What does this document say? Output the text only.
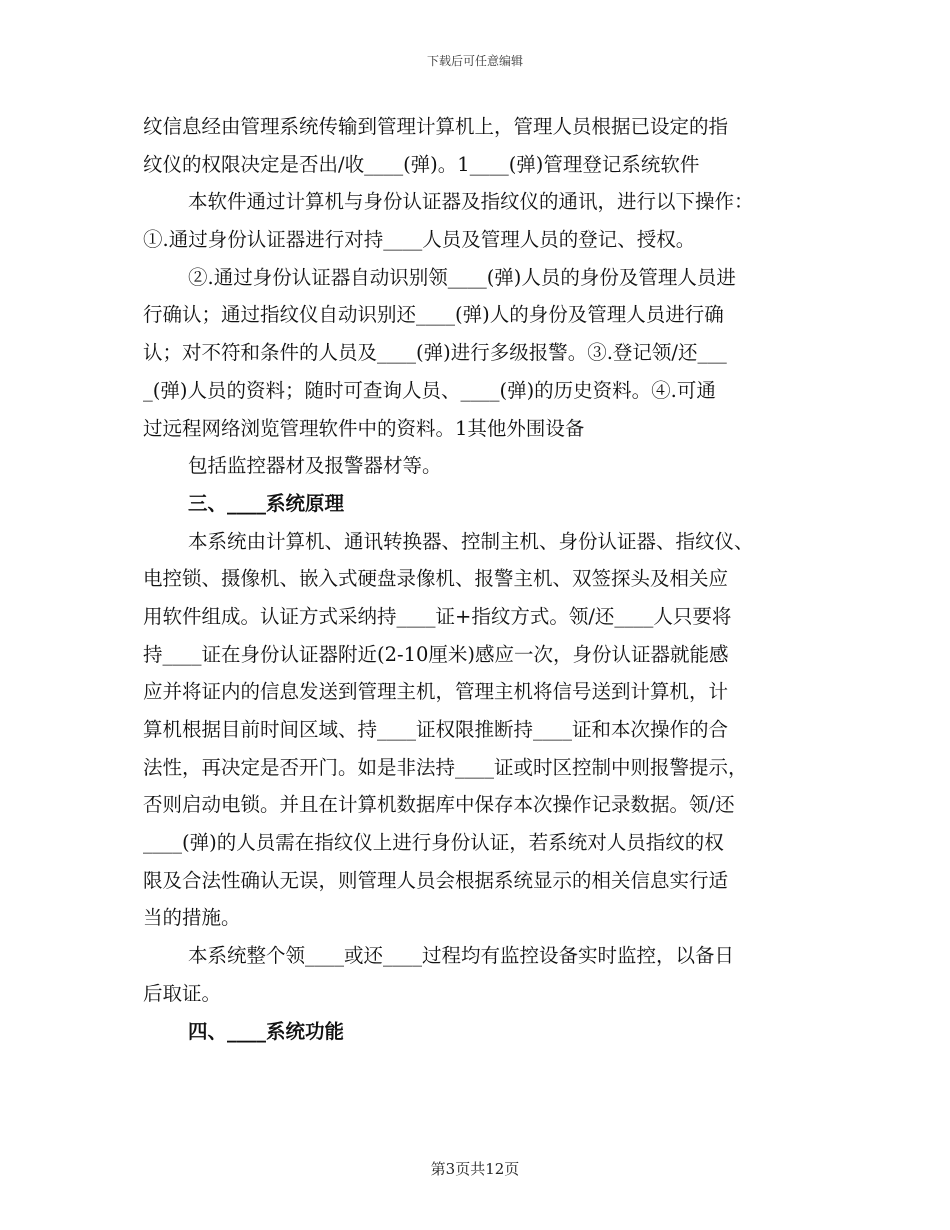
下载后可任意编辑
纹信息经由管理系统传输到管理计算机上，管理人员根据已设定的指
纹仪的权限决定是否出/收____(弹)。1____(弹)管理登记系统软件
本软件通过计算机与身份认证器及指纹仪的通讯，进行以下操作：
①.通过身份认证器进行对持____人员及管理人员的登记、授权。
②.通过身份认证器自动识别领____(弹)人员的身份及管理人员进
行确认；通过指纹仪自动识别还____(弹)人的身份及管理人员进行确
认；对不符和条件的人员及____(弹)进行多级报警。③.登记领/还___
_(弹)人员的资料；随时可查询人员、____(弹)的历史资料。④.可通
过远程网络浏览管理软件中的资料。1其他外围设备
包括监控器材及报警器材等。
三、____系统原理
本系统由计算机、通讯转换器、控制主机、身份认证器、指纹仪、
电控锁、摄像机、嵌入式硬盘录像机、报警主机、双签探头及相关应
用软件组成。认证方式采纳持____证+指纹方式。领/还____人只要将
持____证在身份认证器附近(2-10厘米)感应一次，身份认证器就能感
应并将证内的信息发送到管理主机，管理主机将信号送到计算机，计
算机根据目前时间区域、持____证权限推断持____证和本次操作的合
法性，再决定是否开门。如是非法持____证或时区控制中则报警提示，
否则启动电锁。并且在计算机数据库中保存本次操作记录数据。领/还
____(弹)的人员需在指纹仪上进行身份认证，若系统对人员指纹的权
限及合法性确认无误，则管理人员会根据系统显示的相关信息实行适
当的措施。
本系统整个领____或还____过程均有监控设备实时监控，以备日
后取证。
四、____系统功能
第3页共12页
